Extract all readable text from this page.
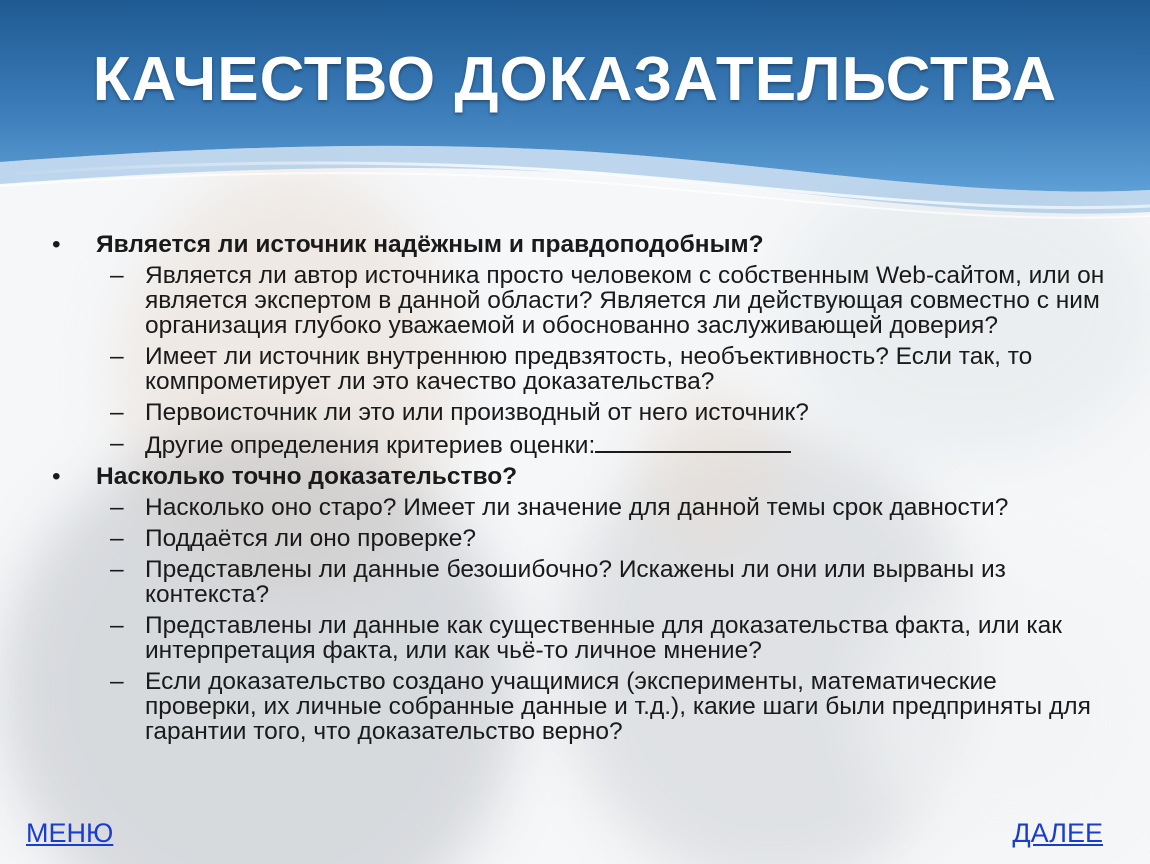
КАЧЕСТВО ДОКАЗАТЕЛЬСТВА
• Является ли источник надёжным и правдоподобным?
– Является ли автор источника просто человеком с собственным Web-сайтом, или он является экспертом в данной области? Является ли действующая совместно с ним организация глубоко уважаемой и обоснованно заслуживающей доверия?
– Имеет ли источник внутреннюю предвзятость, необъективность? Если так, то компрометирует ли это качество доказательства?
– Первоисточник ли это или производный от него источник?
– Другие определения критериев оценки:
• Насколько точно доказательство?
– Насколько оно старо? Имеет ли значение для данной темы срок давности?
– Поддаётся ли оно проверке?
– Представлены ли данные безошибочно? Искажены ли они или вырваны из контекста?
– Представлены ли данные как существенные для доказательства факта, или как интерпретация факта, или как чьё-то личное мнение?
– Если доказательство создано учащимися (эксперименты, математические проверки, их личные собранные данные и т.д.), какие шаги были предприняты для гарантии того, что доказательство верно?
МЕНЮ	ДАЛЕЕ
